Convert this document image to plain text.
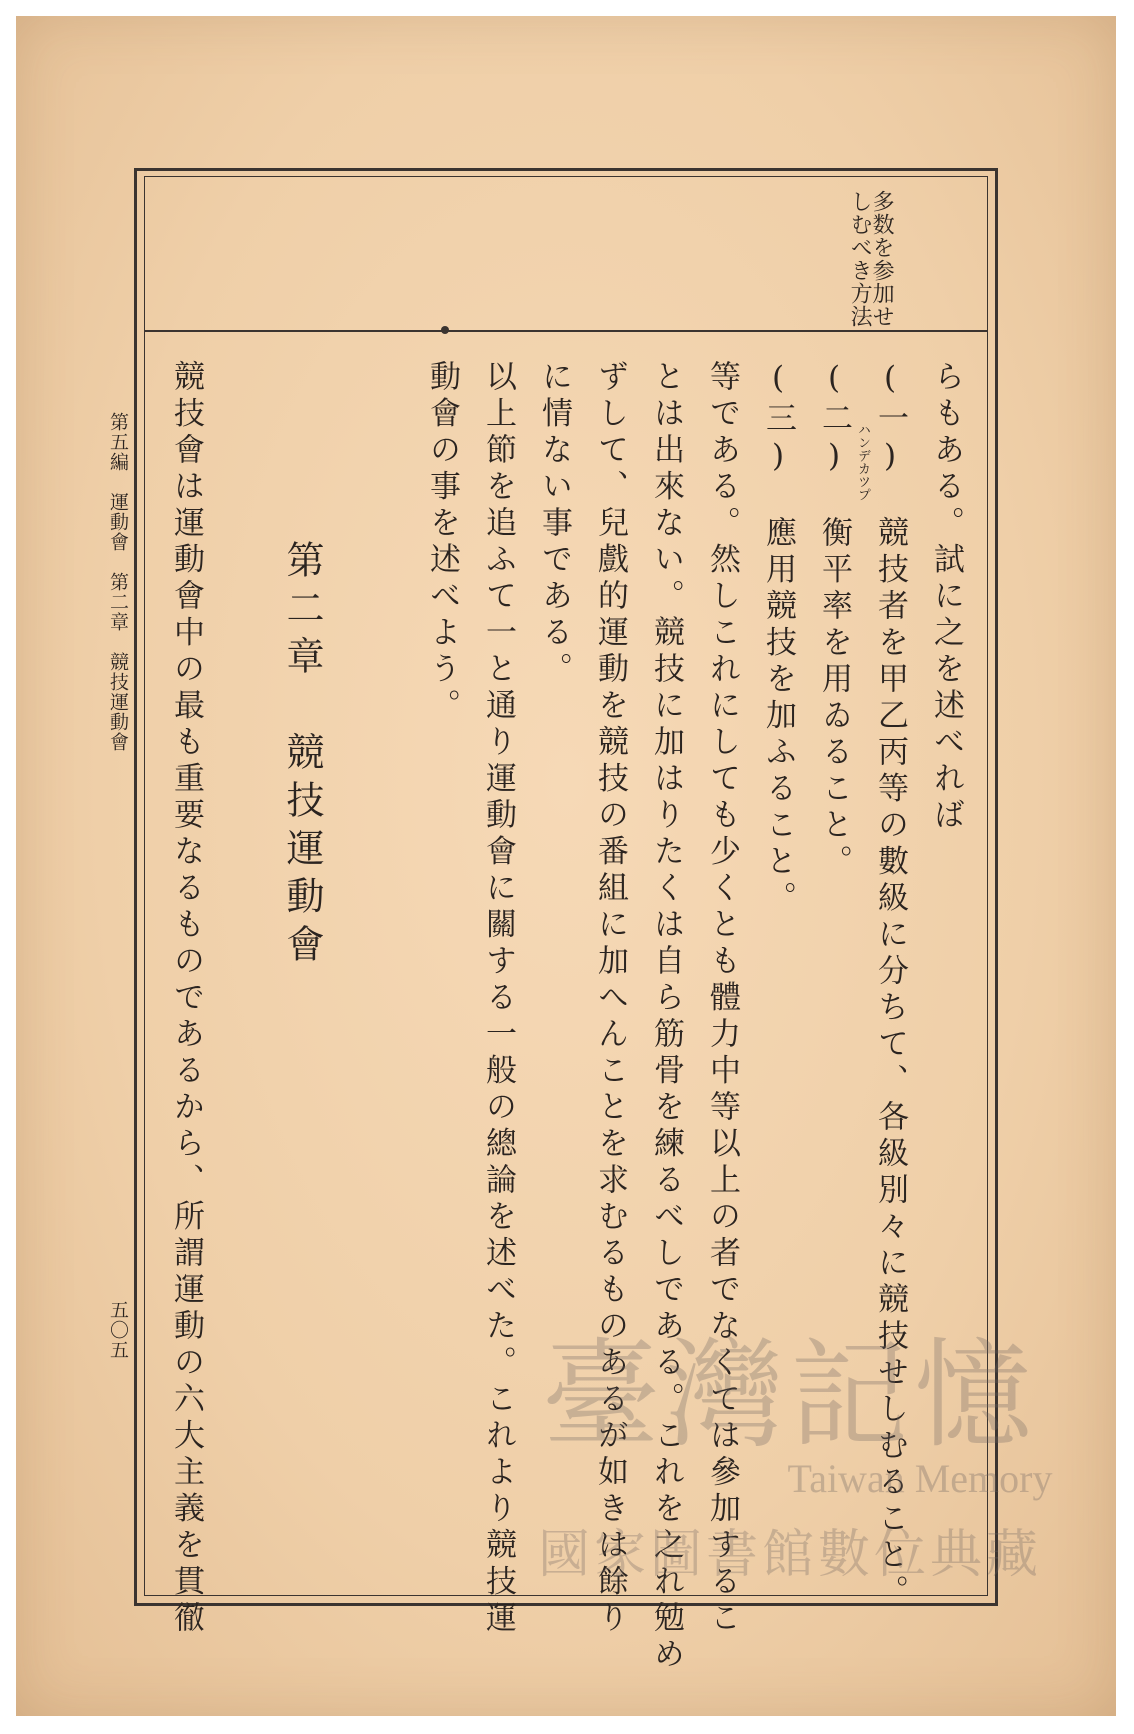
多数を参加せ
しむべき方法
らもある。試に之を述べれば
(一)　競技者を甲乙丙等の數級に分ちて、各級別々に競技せしむること。
(二)　衡平率を用ゐること。 ハンデカツプ
(三)　應用競技を加ふること。
等である。然しこれにしても少くとも體力中等以上の者でなくては參加するこ
とは出來ない。競技に加はりたくは自ら筋骨を練るべしである。これを之れ勉め
ずして、兒戲的運動を競技の番組に加へんことを求むるものあるが如きは餘り
に情ない事である。
以上節を追ふて一と通り運動會に關する一般の總論を述べた。これより競技運
動會の事を述べよう。
第二章　競技運動會
競技會は運動會中の最も重要なるものであるから、所謂運動の六大主義を貫徹
第五編　運動會　第二章　競技運動會
五〇五	臺灣記憶
Taiwan Memory
國家圖書館數位典藏
